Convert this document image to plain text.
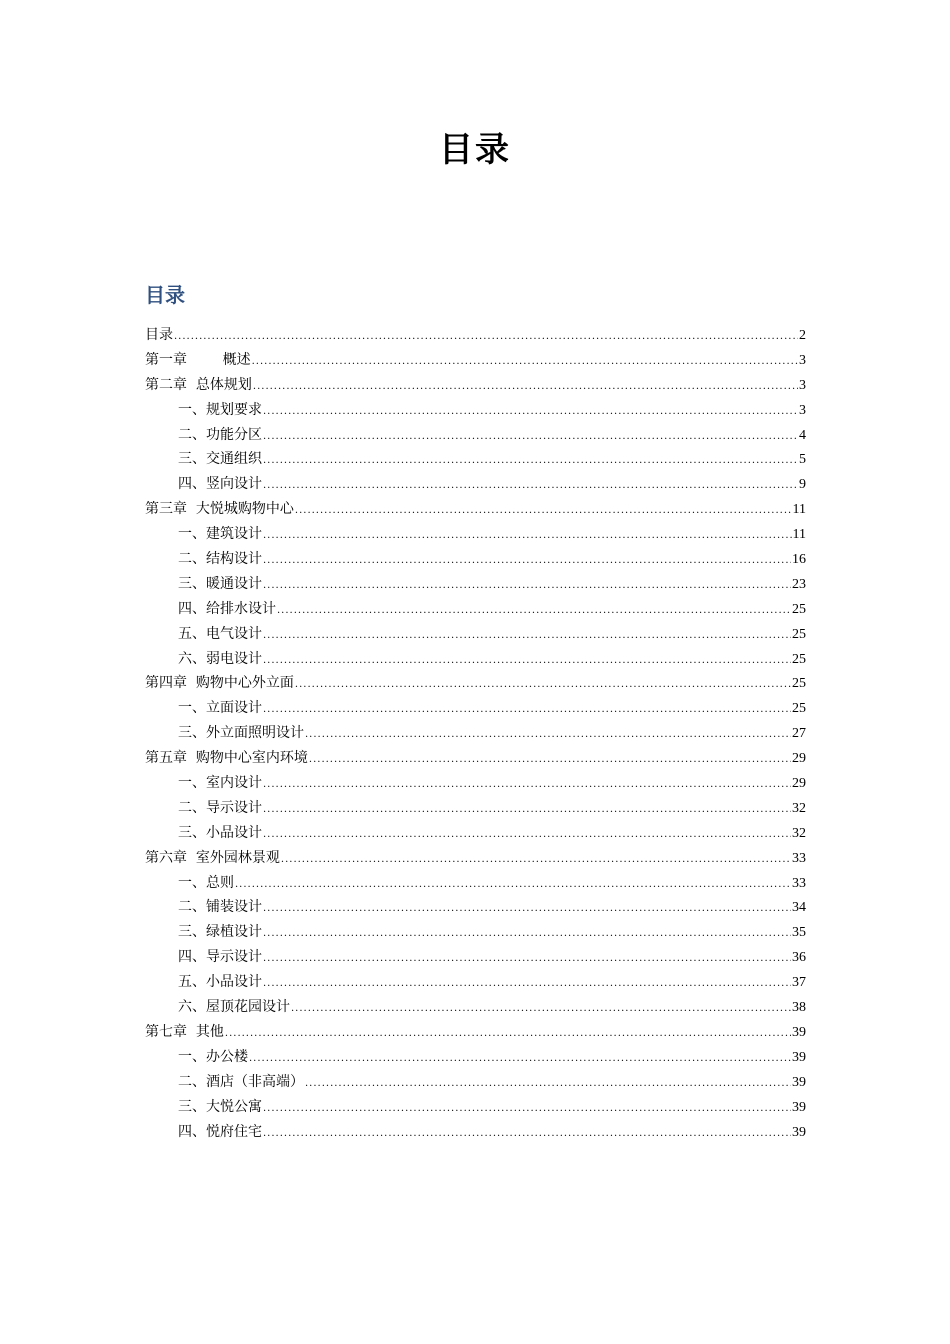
目录
目录
目录 .....	2
第一章        概述 .....	3
第二章  总体规划 .....	3
一、规划要求 .....	3
二、功能分区 .....	4
三、交通组织 .....	5
四、竖向设计 .....	9
第三章  大悦城购物中心 .....	11
一、建筑设计 .....	11
二、结构设计 .....	16
三、暖通设计 .....	23
四、给排水设计 .....	25
五、电气设计 .....	25
六、弱电设计 .....	25
第四章  购物中心外立面 .....	25
一、立面设计 .....	25
三、外立面照明设计 .....	27
第五章  购物中心室内环境 .....	29
一、室内设计 .....	29
二、导示设计 .....	32
三、小品设计 .....	32
第六章  室外园林景观 .....	33
一、总则 .....	33
二、铺装设计 .....	34
三、绿植设计 .....	35
四、导示设计 .....	36
五、小品设计 .....	37
六、屋顶花园设计 .....	38
第七章  其他 .....	39
一、办公楼 .....	39
二、酒店（非高端） .....	39
三、大悦公寓 .....	39
四、悦府住宅 .....	39
